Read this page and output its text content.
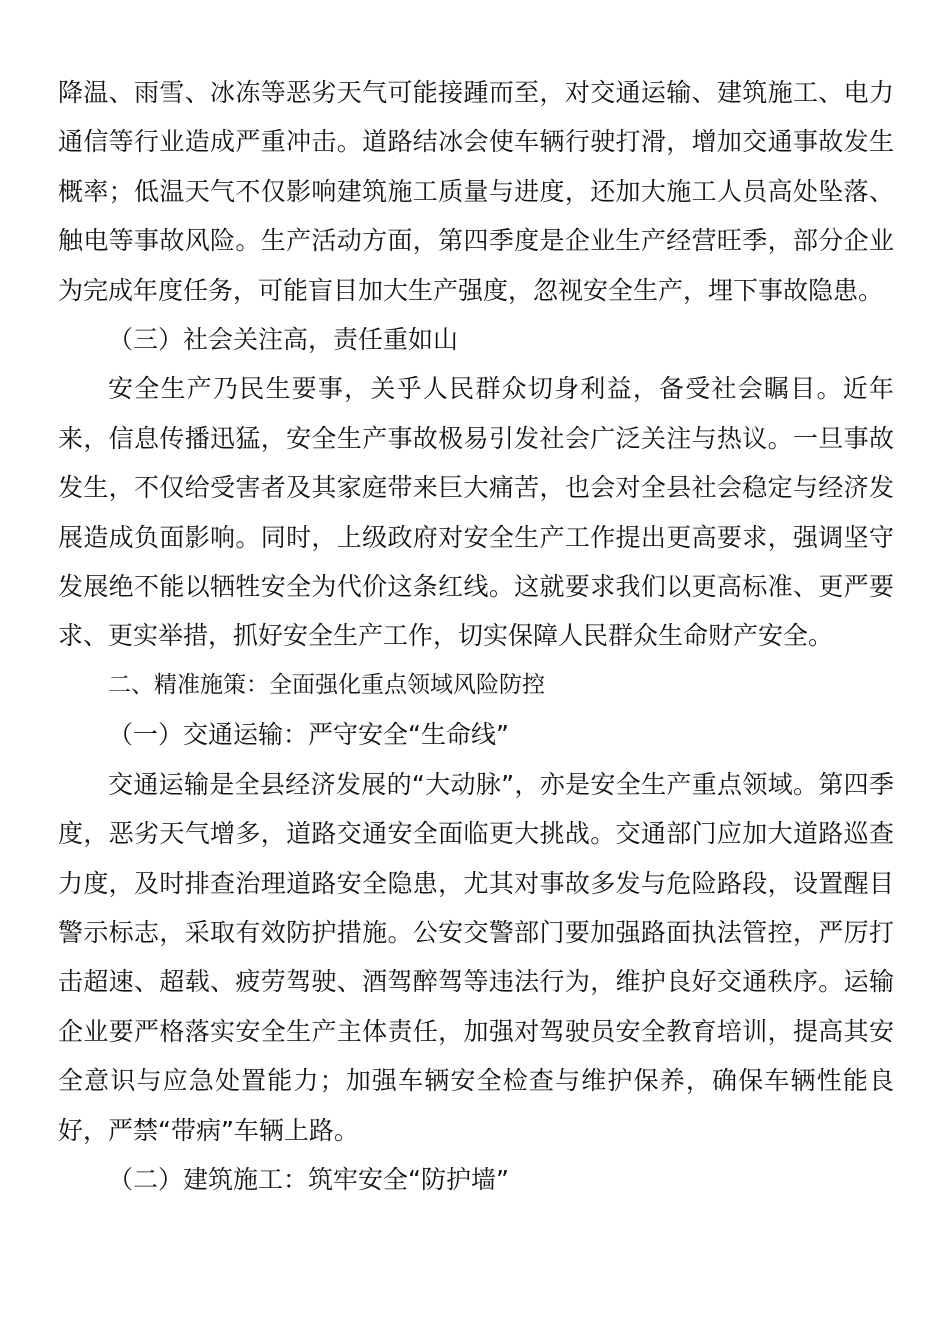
降温、雨雪、冰冻等恶劣天气可能接踵而至，对交通运输、建筑施工、电力通信等行业造成严重冲击。道路结冰会使车辆行驶打滑，增加交通事故发生概率；低温天气不仅影响建筑施工质量与进度，还加大施工人员高处坠落、触电等事故风险。生产活动方面，第四季度是企业生产经营旺季，部分企业为完成年度任务，可能盲目加大生产强度，忽视安全生产，埋下事故隐患。

（三）社会关注高，责任重如山

安全生产乃民生要事，关乎人民群众切身利益，备受社会瞩目。近年来，信息传播迅猛，安全生产事故极易引发社会广泛关注与热议。一旦事故发生，不仅给受害者及其家庭带来巨大痛苦，也会对全县社会稳定与经济发展造成负面影响。同时，上级政府对安全生产工作提出更高要求，强调坚守发展绝不能以牺牲安全为代价这条红线。这就要求我们以更高标准、更严要求、更实举措，抓好安全生产工作，切实保障人民群众生命财产安全。

二、精准施策：全面强化重点领域风险防控

（一）交通运输：严守安全“生命线”

交通运输是全县经济发展的“大动脉”，亦是安全生产重点领域。第四季度，恶劣天气增多，道路交通安全面临更大挑战。交通部门应加大道路巡查力度，及时排查治理道路安全隐患，尤其对事故多发与危险路段，设置醒目警示标志，采取有效防护措施。公安交警部门要加强路面执法管控，严厉打击超速、超载、疲劳驾驶、酒驾醉驾等违法行为，维护良好交通秩序。运输企业要严格落实安全生产主体责任，加强对驾驶员安全教育培训，提高其安全意识与应急处置能力；加强车辆安全检查与维护保养，确保车辆性能良好，严禁“带病”车辆上路。

（二）建筑施工：筑牢安全“防护墙”
